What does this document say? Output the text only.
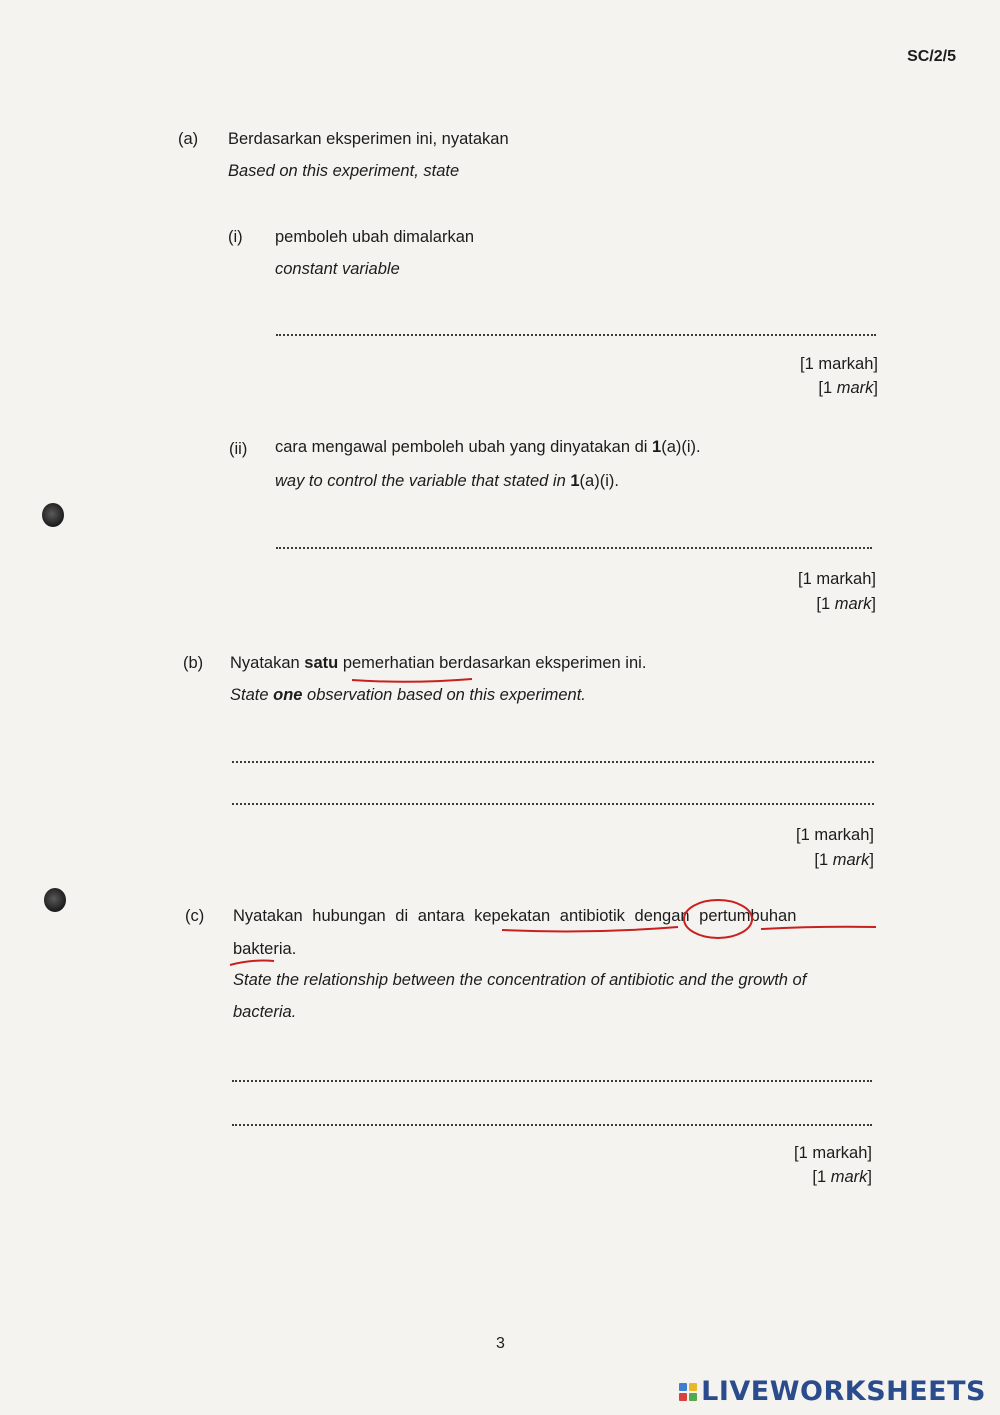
SC/2/5
(a) Berdasarkan eksperimen ini, nyatakan
Based on this experiment, state
(i) pemboleh ubah dimalarkan
constant variable
[1 markah]
[1 mark]
(ii) cara mengawal pemboleh ubah yang dinyatakan di 1(a)(i).
way to control the variable that stated in 1(a)(i).
[1 markah]
[1 mark]
(b) Nyatakan satu pemerhatian berdasarkan eksperimen ini.
State one observation based on this experiment.
[1 markah]
[1 mark]
(c) Nyatakan hubungan di antara kepekatan antibiotik dengan pertumbuhan
bakteria.
State the relationship between the concentration of antibiotic and the growth of
bacteria.
[1 markah]
[1 mark]
3
LIVEWORKSHEETS
